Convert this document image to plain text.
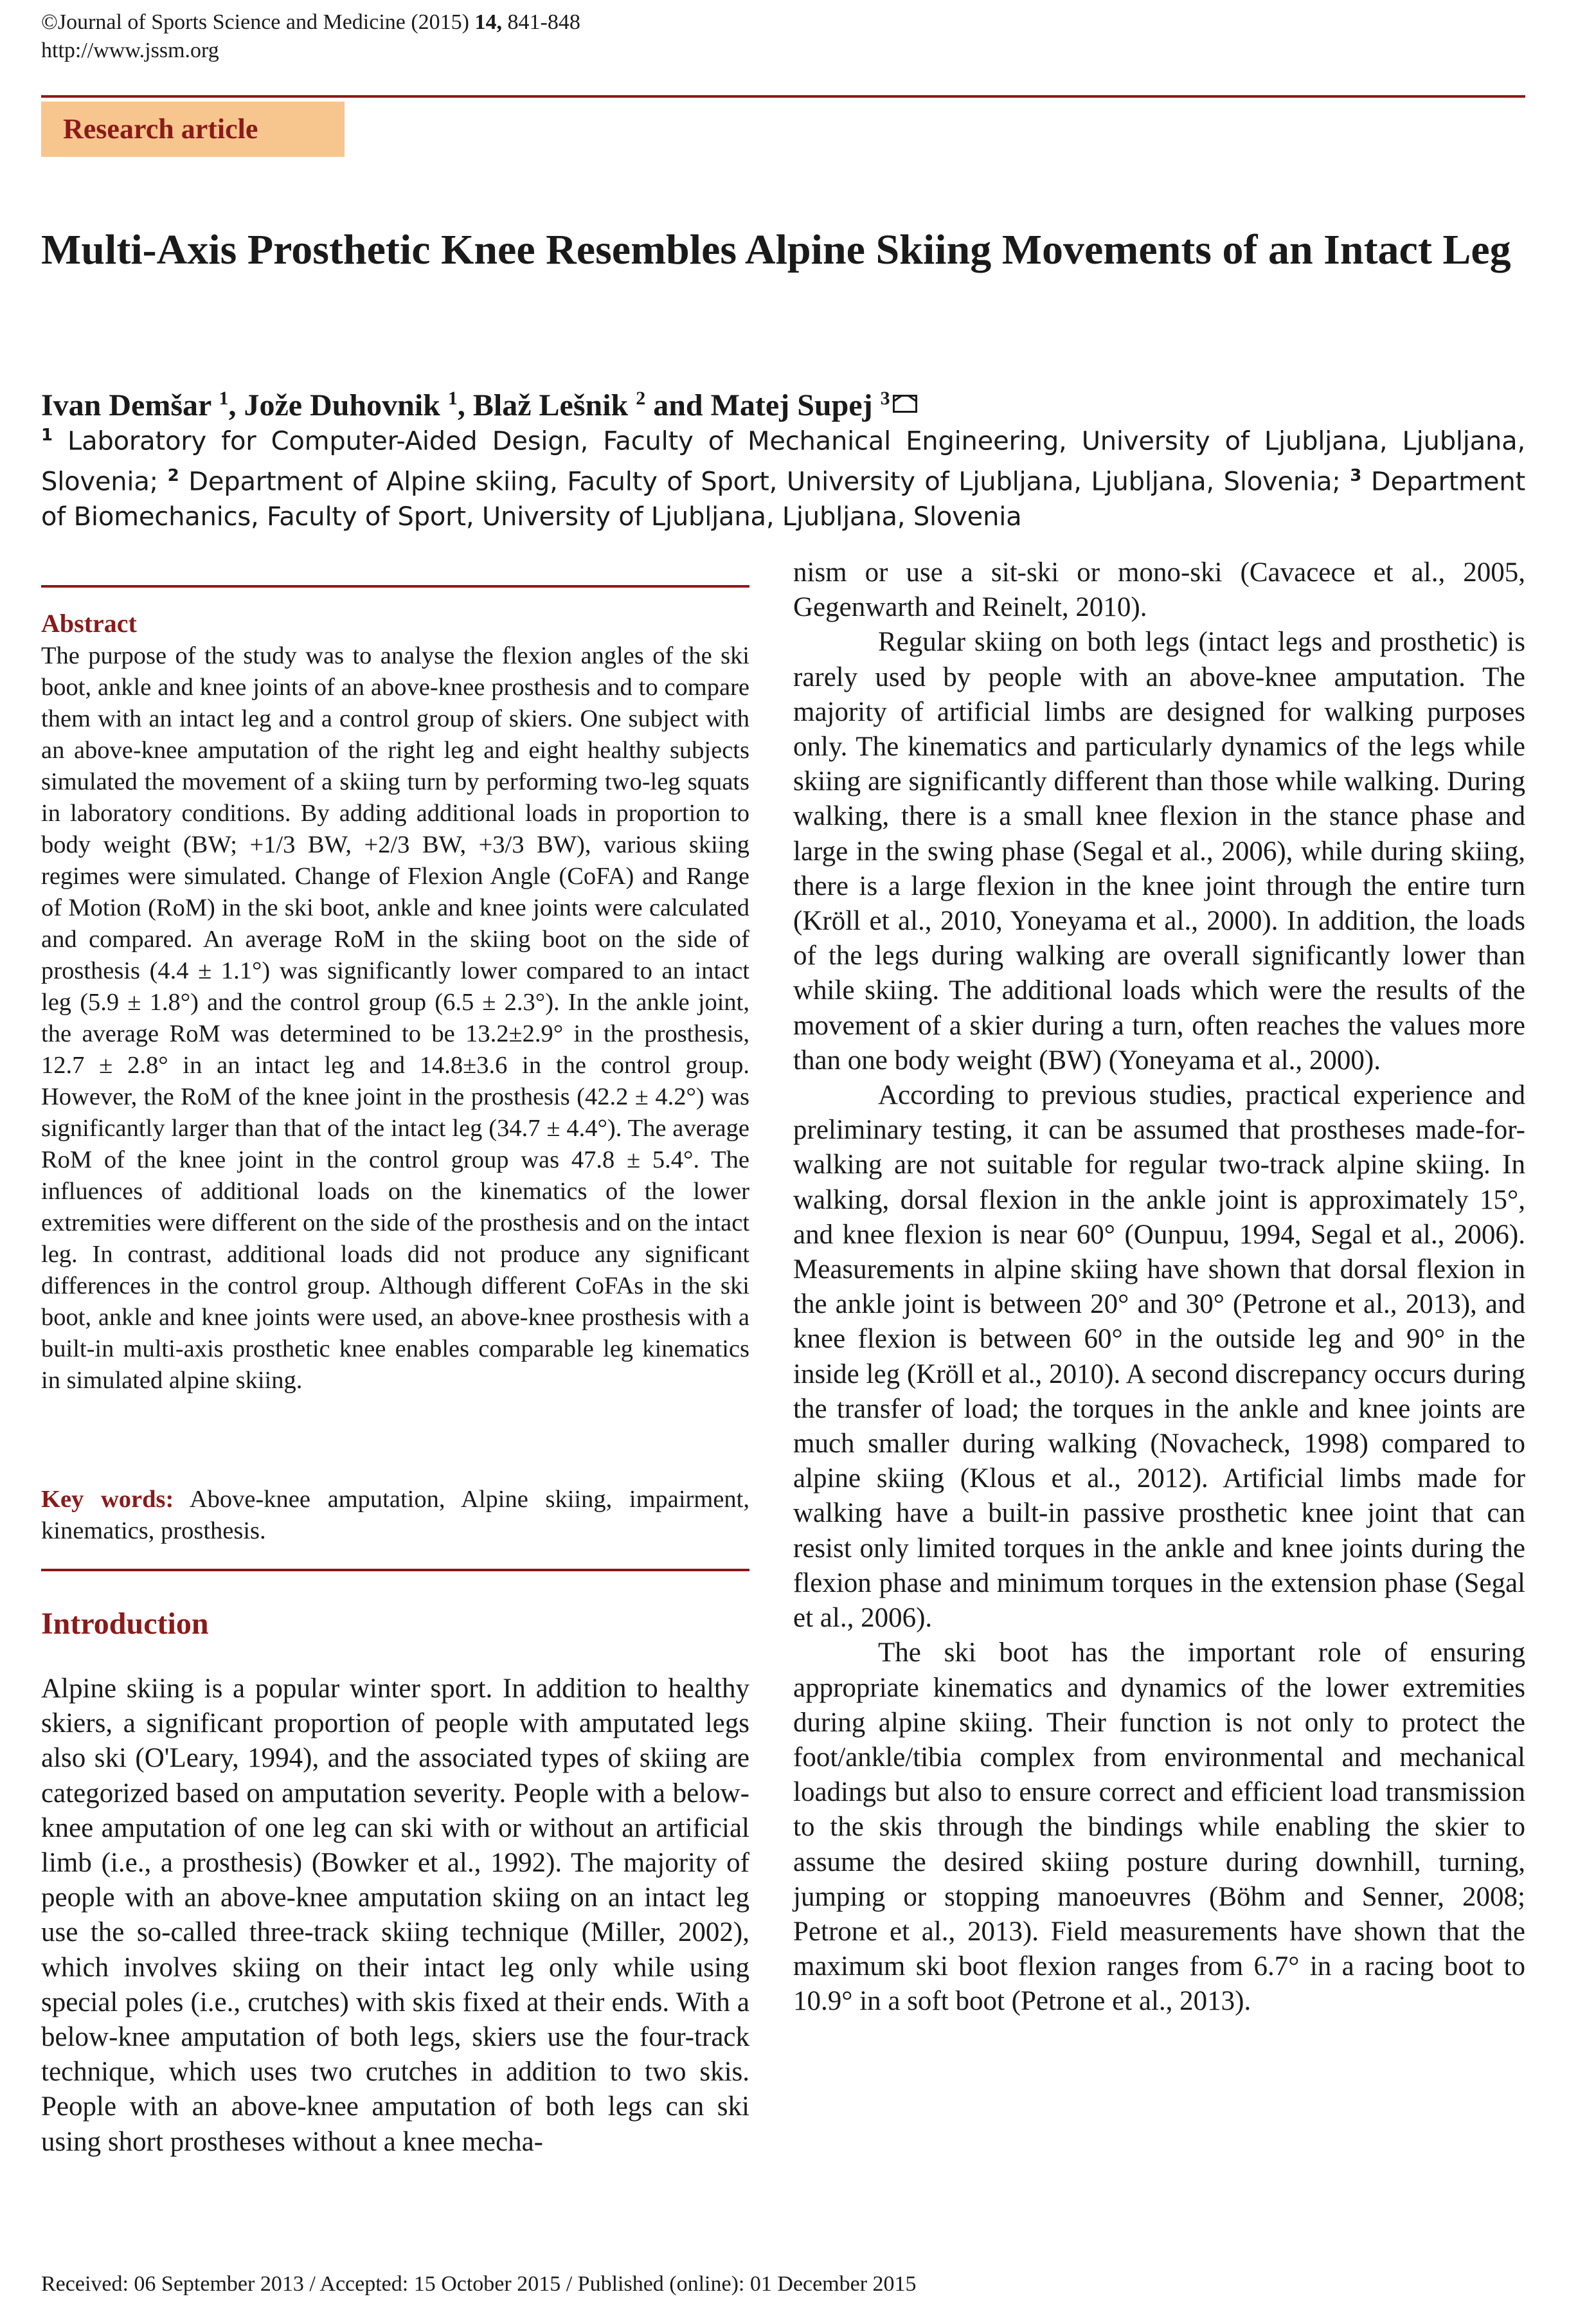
©Journal of Sports Science and Medicine (2015) 14, 841-848
http://www.jssm.org
Research article
Multi-Axis Prosthetic Knee Resembles Alpine Skiing Movements of an Intact Leg
Ivan Demšar $^1$, Jože Duhovnik $^1$, Blaž Lešnik $^2$ and Matej Supej $^3$
$^1$ Laboratory for Computer-Aided Design, Faculty of Mechanical Engineering, University of Ljubljana, Ljubljana, Slovenia; $^2$ Department of Alpine skiing, Faculty of Sport, University of Ljubljana, Ljubljana, Slovenia; $^3$ Department of Biomechanics, Faculty of Sport, University of Ljubljana, Ljubljana, Slovenia
Abstract
The purpose of the study was to analyse the flexion angles of the ski boot, ankle and knee joints of an above-knee prosthesis and to compare them with an intact leg and a control group of skiers. One subject with an above-knee amputation of the right leg and eight healthy subjects simulated the movement of a skiing turn by performing two-leg squats in laboratory conditions. By adding additional loads in proportion to body weight (BW; +1/3 BW, +2/3 BW, +3/3 BW), various skiing regimes were simulated. Change of Flexion Angle (CoFA) and Range of Motion (RoM) in the ski boot, ankle and knee joints were calculated and compared. An average RoM in the skiing boot on the side of prosthesis (4.4 ± 1.1°) was significantly lower compared to an intact leg (5.9 ± 1.8°) and the control group (6.5 ± 2.3°). In the ankle joint, the average RoM was determined to be 13.2±2.9° in the prosthesis, 12.7 ± 2.8° in an intact leg and 14.8±3.6 in the control group. However, the RoM of the knee joint in the prosthesis (42.2 ± 4.2°) was significantly larger than that of the intact leg (34.7 ± 4.4°). The average RoM of the knee joint in the control group was 47.8 ± 5.4°. The influences of additional loads on the kinematics of the lower extremities were different on the side of the prosthesis and on the intact leg. In contrast, additional loads did not produce any significant differences in the control group. Although different CoFAs in the ski boot, ankle and knee joints were used, an above-knee prosthesis with a built-in multi-axis prosthetic knee enables comparable leg kinematics in simulated alpine skiing.
Key words: Above-knee amputation, Alpine skiing, impairment, kinematics, prosthesis.
Introduction

Alpine skiing is a popular winter sport. In addition to healthy skiers, a significant proportion of people with amputated legs also ski (O'Leary, 1994), and the associated types of skiing are categorized based on amputation severity. People with a below-knee amputation of one leg can ski with or without an artificial limb (i.e., a prosthesis) (Bowker et al., 1992). The majority of people with an above-knee amputation skiing on an intact leg use the so-called three-track skiing technique (Miller, 2002), which involves skiing on their intact leg only while using special poles (i.e., crutches) with skis fixed at their ends. With a below-knee amputation of both legs, skiers use the four-track technique, which uses two crutches in addition to two skis. People with an above-knee amputation of both legs can ski using short prostheses without a knee mecha-

nism or use a sit-ski or mono-ski (Cavacece et al., 2005, Gegenwarth and Reinelt, 2010).

Regular skiing on both legs (intact legs and prosthetic) is rarely used by people with an above-knee amputation. The majority of artificial limbs are designed for walking purposes only. The kinematics and particularly dynamics of the legs while skiing are significantly different than those while walking. During walking, there is a small knee flexion in the stance phase and large in the swing phase (Segal et al., 2006), while during skiing, there is a large flexion in the knee joint through the entire turn (Kröll et al., 2010, Yoneyama et al., 2000). In addition, the loads of the legs during walking are overall significantly lower than while skiing. The additional loads which were the results of the movement of a skier during a turn, often reaches the values more than one body weight (BW) (Yoneyama et al., 2000).

According to previous studies, practical experience and preliminary testing, it can be assumed that prostheses made-for-walking are not suitable for regular two-track alpine skiing. In walking, dorsal flexion in the ankle joint is approximately 15°, and knee flexion is near 60° (Ounpuu, 1994, Segal et al., 2006). Measurements in alpine skiing have shown that dorsal flexion in the ankle joint is between 20° and 30° (Petrone et al., 2013), and knee flexion is between 60° in the outside leg and 90° in the inside leg (Kröll et al., 2010). A second discrepancy occurs during the transfer of load; the torques in the ankle and knee joints are much smaller during walking (Novacheck, 1998) compared to alpine skiing (Klous et al., 2012). Artificial limbs made for walking have a built-in passive prosthetic knee joint that can resist only limited torques in the ankle and knee joints during the flexion phase and minimum torques in the extension phase (Segal et al., 2006).

The ski boot has the important role of ensuring appropriate kinematics and dynamics of the lower extremities during alpine skiing. Their function is not only to protect the foot/ankle/tibia complex from environmental and mechanical loadings but also to ensure correct and efficient load transmission to the skis through the bindings while enabling the skier to assume the desired skiing posture during downhill, turning, jumping or stopping manoeuvres (Böhm and Senner, 2008; Petrone et al., 2013). Field measurements have shown that the maximum ski boot flexion ranges from 6.7° in a racing boot to 10.9° in a soft boot (Petrone et al., 2013).

Received: 06 September 2013 / Accepted: 15 October 2015 / Published (online): 01 December 2015
